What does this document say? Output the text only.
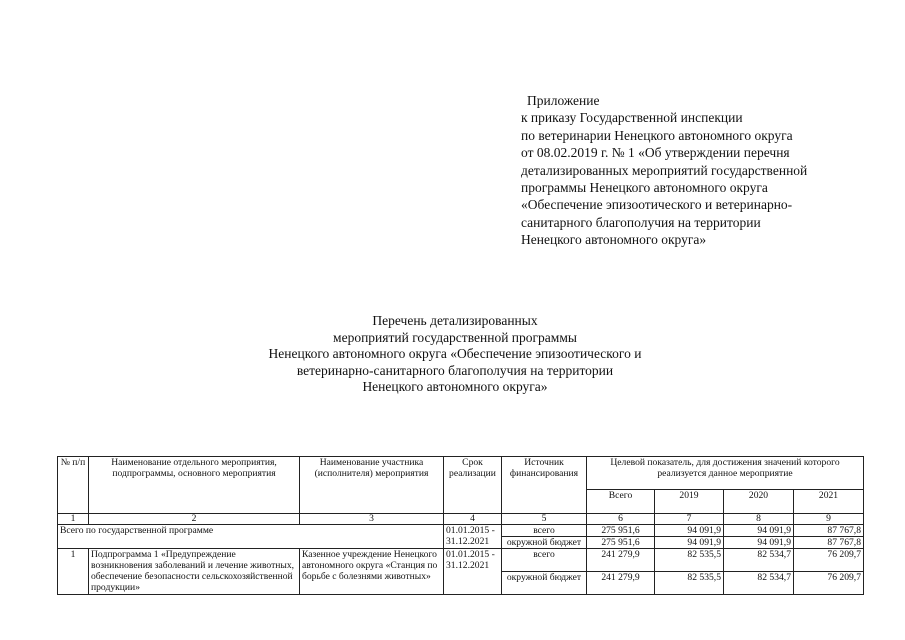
Приложение
к приказу Государственной инспекции
по ветеринарии Ненецкого автономного округа
от 08.02.2019 г. № 1 «Об утверждении перечня
детализированных мероприятий государственной
программы Ненецкого автономного округа
«Обеспечение эпизоотического и ветеринарно-
санитарного благополучия на территории
Ненецкого автономного округа»
Перечень детализированных
мероприятий государственной программы
Ненецкого автономного округа «Обеспечение эпизоотического и
ветеринарно-санитарного благополучия на территории
Ненецкого автономного округа»
№ п/п	Наименование отдельного мероприятия, подпрограммы, основного мероприятия	Наименование участника (исполнителя) мероприятия	Срок реализации	Источник финансирования	Целевой показатель, для достижения значений которого реализуется данное мероприятие			
					Всего	2019	2020	2021
1	2	3	4	5	6	7	8	9
Всего по государственной программе			01.01.2015 - 31.12.2021	всего	275 951,6	94 091,9	94 091,9	87 767,8
				окружной бюджет	275 951,6	94 091,9	94 091,9	87 767,8
1	Подпрограмма 1 «Предупреждение возникновения заболеваний и лечение животных, обеспечение безопасности сельскохозяйственной продукции»	Казенное учреждение Ненецкого автономного округа «Станция по борьбе с болезнями животных»	01.01.2015 - 31.12.2021	всего	241 279,9	82 535,5	82 534,7	76 209,7
				окружной бюджет	241 279,9	82 535,5	82 534,7	76 209,7
